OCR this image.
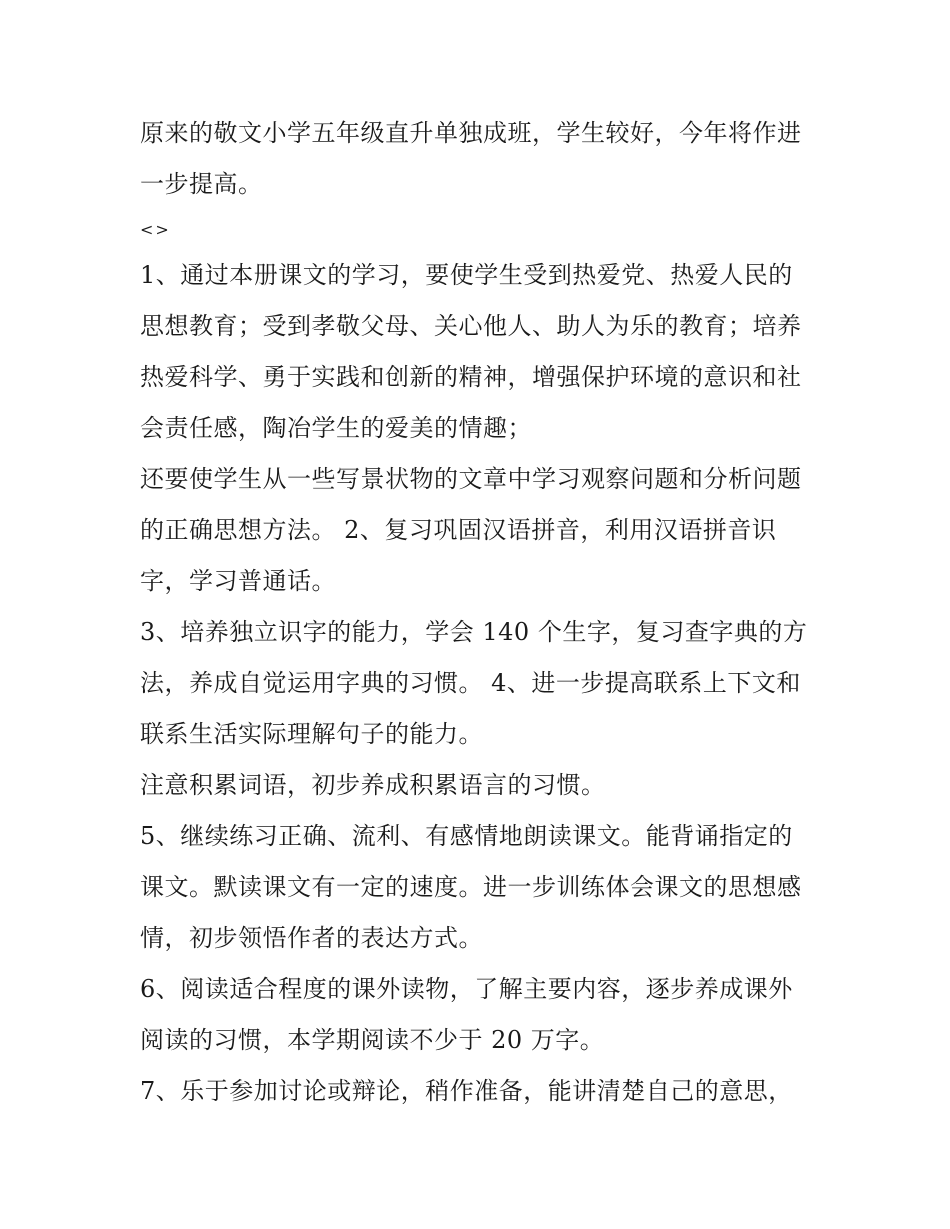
原来的敬文小学五年级直升单独成班，学生较好，今年将作进
一步提高。
<>
1、通过本册课文的学习，要使学生受到热爱党、热爱人民的
思想教育；受到孝敬父母、关心他人、助人为乐的教育；培养
热爱科学、勇于实践和创新的精神，增强保护环境的意识和社
会责任感，陶冶学生的爱美的情趣；
还要使学生从一些写景状物的文章中学习观察问题和分析问题
的正确思想方法。 2、复习巩固汉语拼音，利用汉语拼音识
字，学习普通话。
3、培养独立识字的能力，学会 140 个生字，复习查字典的方
法，养成自觉运用字典的习惯。 4、进一步提高联系上下文和
联系生活实际理解句子的能力。
注意积累词语，初步养成积累语言的习惯。
5、继续练习正确、流利、有感情地朗读课文。能背诵指定的
课文。默读课文有一定的速度。进一步训练体会课文的思想感
情，初步领悟作者的表达方式。
6、阅读适合程度的课外读物，了解主要内容，逐步养成课外
阅读的习惯，本学期阅读不少于 20 万字。
7、乐于参加讨论或辩论，稍作准备，能讲清楚自己的意思，
